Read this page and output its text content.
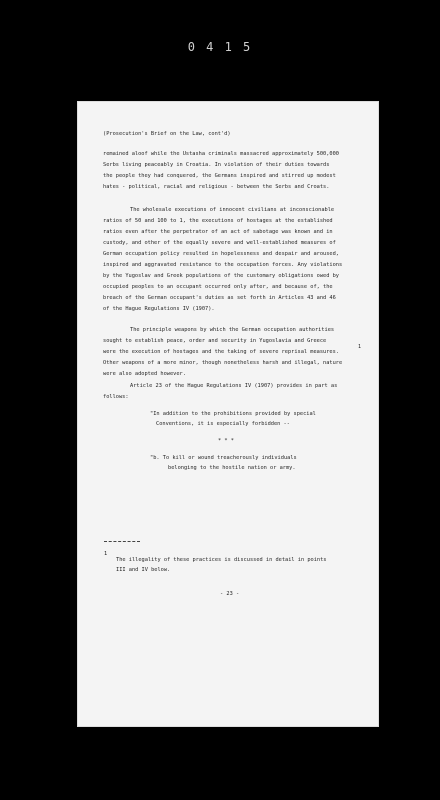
0 4 1 5
(Prosecution's Brief on the Law, cont'd)
remained aloof while the Ustasha criminals massacred approximately 500,000
Serbs living peaceably in Croatia. In violation of their duties towards
the people they had conquered, the Germans inspired and stirred up modest
hates - political, racial and religious - between the Serbs and Croats.
The wholesale executions of innocent civilians at inconscionable
ratios of 50 and 100 to 1, the executions of hostages at the established
ratios even after the perpetrator of an act of sabotage was known and in
custody, and other of the equally severe and well-established measures of
German occupation policy resulted in hopelessness and despair and aroused,
inspired and aggravated resistance to the occupation forces. Any violations
by the Yugoslav and Greek populations of the customary obligations owed by
occupied peoples to an occupant occurred only after, and because of, the
breach of the German occupant's duties as set forth in Articles 43 and 46
of the Hague Regulations IV (1907).
The principle weapons by which the German occupation authorities
sought to establish peace, order and security in Yugoslavia and Greece
were the execution of hostages and the taking of severe reprisal measures.
Other weapons of a more minor, though nonetheless harsh and illegal, nature
were also adopted however.
1
Article 23 of the Hague Regulations IV (1907) provides in part as
follows:
"In addition to the prohibitions provided by special
Conventions, it is especially forbidden --
* * *
"b. To kill or wound treacherously individuals
belonging to the hostile nation or army.
1
The illegality of these practices is discussed in detail in points
III and IV below.
- 23 -
